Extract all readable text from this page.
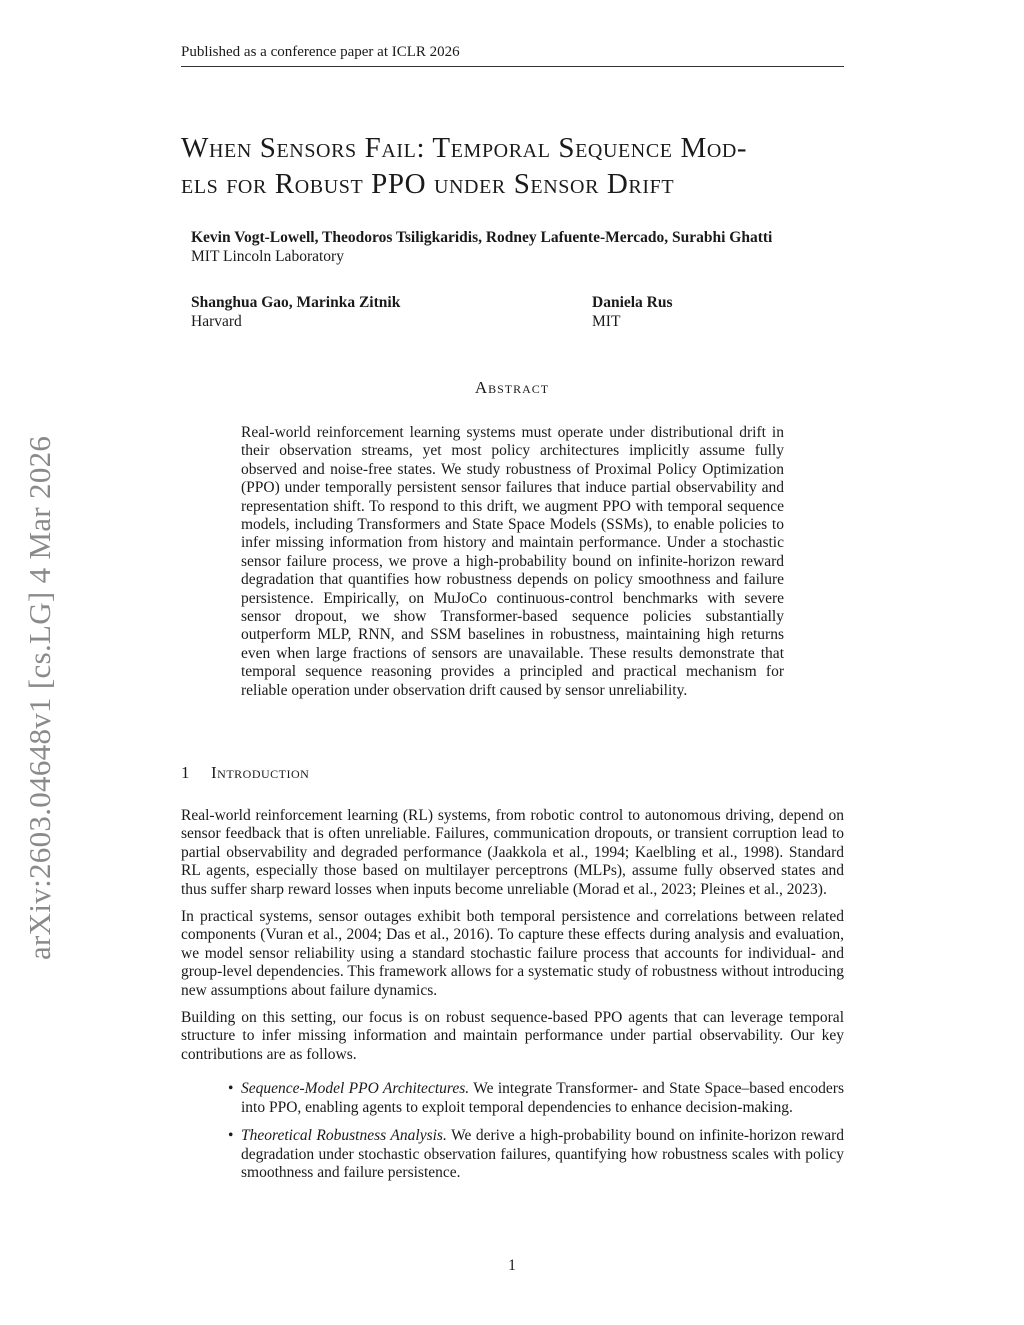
Published as a conference paper at ICLR 2026
arXiv:2603.04648v1 [cs.LG] 4 Mar 2026
When Sensors Fail: Temporal Sequence Mod-
els for Robust PPO under Sensor Drift
Kevin Vogt-Lowell, Theodoros Tsiligkaridis, Rodney Lafuente-Mercado, Surabhi Ghatti
MIT Lincoln Laboratory
Shanghua Gao, Marinka Zitnik
Harvard
Daniela Rus
MIT
Abstract

Real-world reinforcement learning systems must operate under distributional drift in their observation streams, yet most policy architectures implicitly assume fully observed and noise-free states. We study robustness of Proximal Policy Optimization (PPO) under temporally persistent sensor failures that induce partial observability and representation shift. To respond to this drift, we augment PPO with temporal sequence models, including Transformers and State Space Models (SSMs), to enable policies to infer missing information from history and maintain performance. Under a stochastic sensor failure process, we prove a high-probability bound on infinite-horizon reward degradation that quantifies how robustness depends on policy smoothness and failure persistence. Empirically, on MuJoCo continuous-control benchmarks with severe sensor dropout, we show Transformer-based sequence policies substantially outperform MLP, RNN, and SSM baselines in robustness, maintaining high returns even when large fractions of sensors are unavailable. These results demonstrate that temporal sequence reasoning provides a principled and practical mechanism for reliable operation under observation drift caused by sensor unreliability.

1 Introduction

Real-world reinforcement learning (RL) systems, from robotic control to autonomous driving, depend on sensor feedback that is often unreliable. Failures, communication dropouts, or transient corruption lead to partial observability and degraded performance (Jaakkola et al., 1994; Kaelbling et al., 1998). Standard RL agents, especially those based on multilayer perceptrons (MLPs), assume fully observed states and thus suffer sharp reward losses when inputs become unreliable (Morad et al., 2023; Pleines et al., 2023).

In practical systems, sensor outages exhibit both temporal persistence and correlations between related components (Vuran et al., 2004; Das et al., 2016). To capture these effects during analysis and evaluation, we model sensor reliability using a standard stochastic failure process that accounts for individual- and group-level dependencies. This framework allows for a systematic study of robustness without introducing new assumptions about failure dynamics.

Building on this setting, our focus is on robust sequence-based PPO agents that can leverage temporal structure to infer missing information and maintain performance under partial observability. Our key contributions are as follows.

• Sequence-Model PPO Architectures. We integrate Transformer- and State Space–based encoders into PPO, enabling agents to exploit temporal dependencies to enhance decision-making.
• Theoretical Robustness Analysis. We derive a high-probability bound on infinite-horizon reward degradation under stochastic observation failures, quantifying how robustness scales with policy smoothness and failure persistence.
1
